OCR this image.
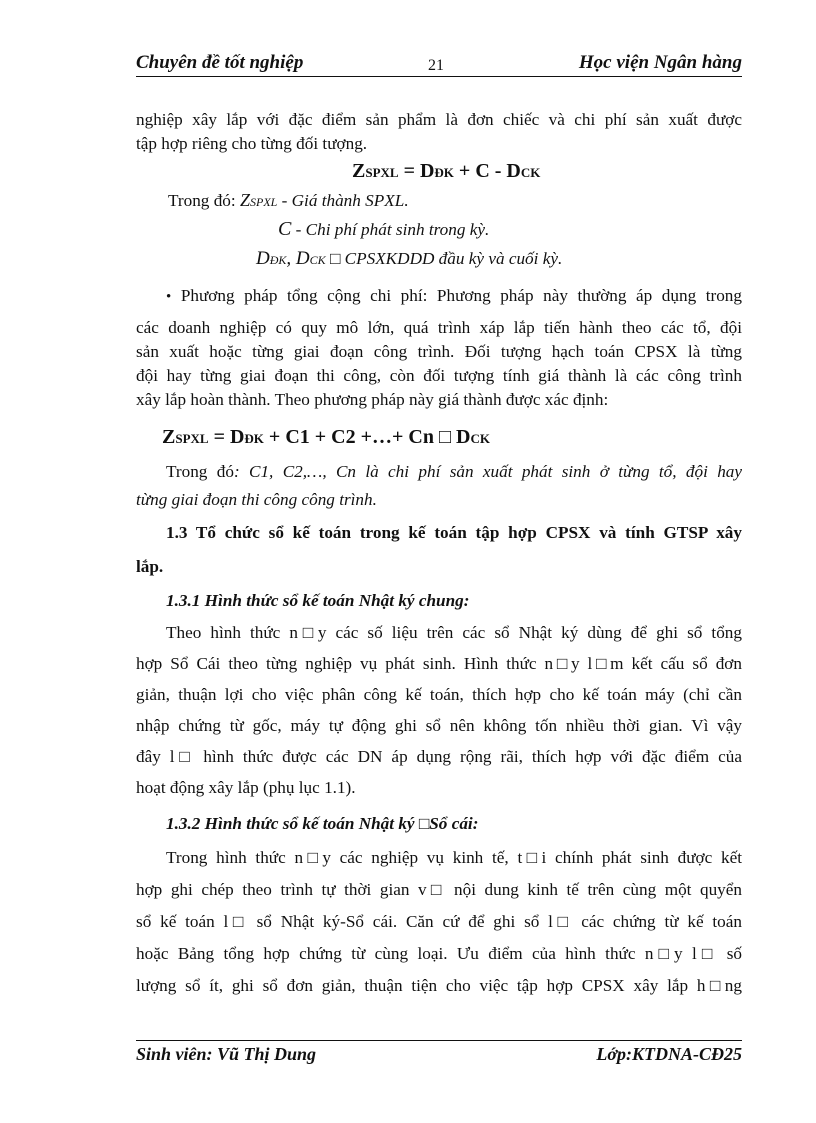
Chuyên đề tốt nghiệp	21	Học viện Ngân hàng
nghiệp xây lắp với đặc điểm sản phẩm là đơn chiếc và chi phí sản xuất được
tập hợp riêng cho từng đối tượng.
ZSPXL = DĐK + C - DCK
Trong đó: ZSPXL - Giá thành SPXL.
C - Chi phí phát sinh trong kỳ.
DĐK, DCK □ CPSXKDDD đầu kỳ và cuối kỳ.
• Phương pháp tổng cộng chi phí: Phương pháp này thường áp dụng trong
các doanh nghiệp có quy mô lớn, quá trình xáp lắp tiến hành theo các tổ, đội
sản xuất hoặc từng giai đoạn công trình. Đối tượng hạch toán CPSX là từng
đội hay từng giai đoạn thi công, còn đối tượng tính giá thành là các công trình
xây lắp hoàn thành. Theo phương pháp này giá thành được xác định:
ZSPXL = DĐK + C1 + C2 +…+ Cn □ DCK
Trong đó: C1, C2,…, Cn là chi phí sản xuất phát sinh ở từng tổ, đội hay
từng giai đoạn thi công công trình.
1.3 Tổ chức sổ kế toán trong kế toán tập hợp CPSX và tính GTSP xây
lắp.
1.3.1 Hình thức sổ kế toán Nhật ký chung:
Theo hình thức n□y các số liệu trên các sổ Nhật ký dùng để ghi sổ tổng
hợp Sổ Cái theo từng nghiệp vụ phát sinh. Hình thức n□y l□m kết cấu sổ đơn
giản, thuận lợi cho việc phân công kế toán, thích hợp cho kế toán máy (chỉ cần
nhập chứng từ gốc, máy tự động ghi sổ nên không tốn nhiều thời gian. Vì vậy
đây l□ hình thức được các DN áp dụng rộng rãi, thích hợp với đặc điểm của
hoạt động xây lắp (phụ lục 1.1).
1.3.2 Hình thức sổ kế toán Nhật ký □Sổ cái:
Trong hình thức n□y các nghiệp vụ kinh tế, t□i chính phát sinh được kết
hợp ghi chép theo trình tự thời gian v□ nội dung kinh tế trên cùng một quyển
sổ kế toán l□ sổ Nhật ký-Sổ cái. Căn cứ để ghi sổ l□ các chứng từ kế toán
hoặc Bảng tổng hợp chứng từ cùng loại. Ưu điểm của hình thức n□y l□ số
lượng sổ ít, ghi sổ đơn giản, thuận tiện cho việc tập hợp CPSX xây lắp h□ng
Sinh viên: Vũ Thị Dung	Lớp:KTDNA-CĐ25
